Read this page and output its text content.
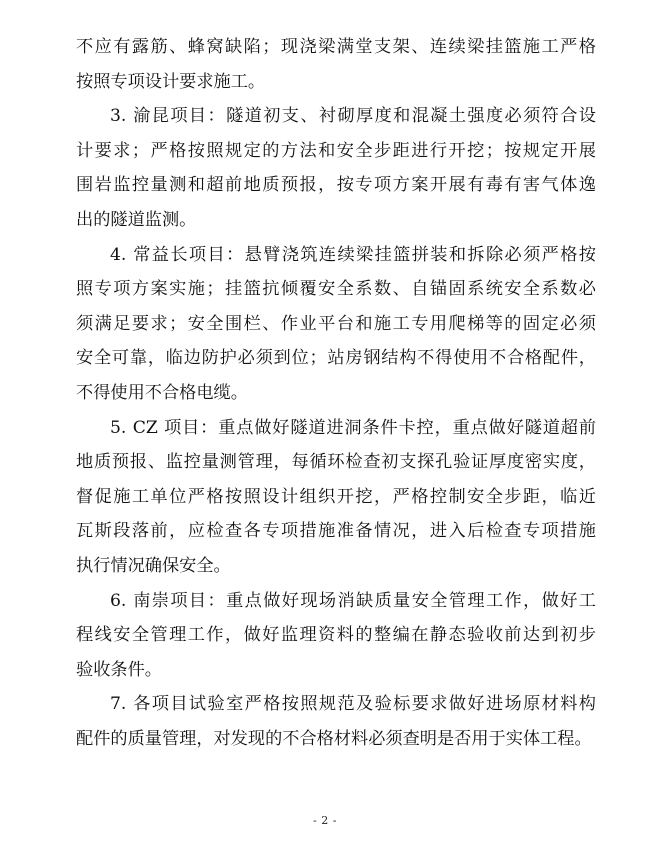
不应有露筋、蜂窝缺陷；现浇梁满堂支架、连续梁挂篮施工严格
按照专项设计要求施工。
3. 渝昆项目：隧道初支、衬砌厚度和混凝土强度必须符合设
计要求；严格按照规定的方法和安全步距进行开挖；按规定开展
围岩监控量测和超前地质预报，按专项方案开展有毒有害气体逸
出的隧道监测。
4. 常益长项目：悬臂浇筑连续梁挂篮拼装和拆除必须严格按
照专项方案实施；挂篮抗倾覆安全系数、自锚固系统安全系数必
须满足要求；安全围栏、作业平台和施工专用爬梯等的固定必须
安全可靠，临边防护必须到位；站房钢结构不得使用不合格配件，
不得使用不合格电缆。
5. CZ 项目：重点做好隧道进洞条件卡控，重点做好隧道超前
地质预报、监控量测管理，每循环检查初支探孔验证厚度密实度，
督促施工单位严格按照设计组织开挖，严格控制安全步距，临近
瓦斯段落前，应检查各专项措施准备情况，进入后检查专项措施
执行情况确保安全。
6. 南崇项目：重点做好现场消缺质量安全管理工作，做好工
程线安全管理工作，做好监理资料的整编在静态验收前达到初步
验收条件。
7. 各项目试验室严格按照规范及验标要求做好进场原材料构
配件的质量管理，对发现的不合格材料必须查明是否用于实体工程。
- 2 -
